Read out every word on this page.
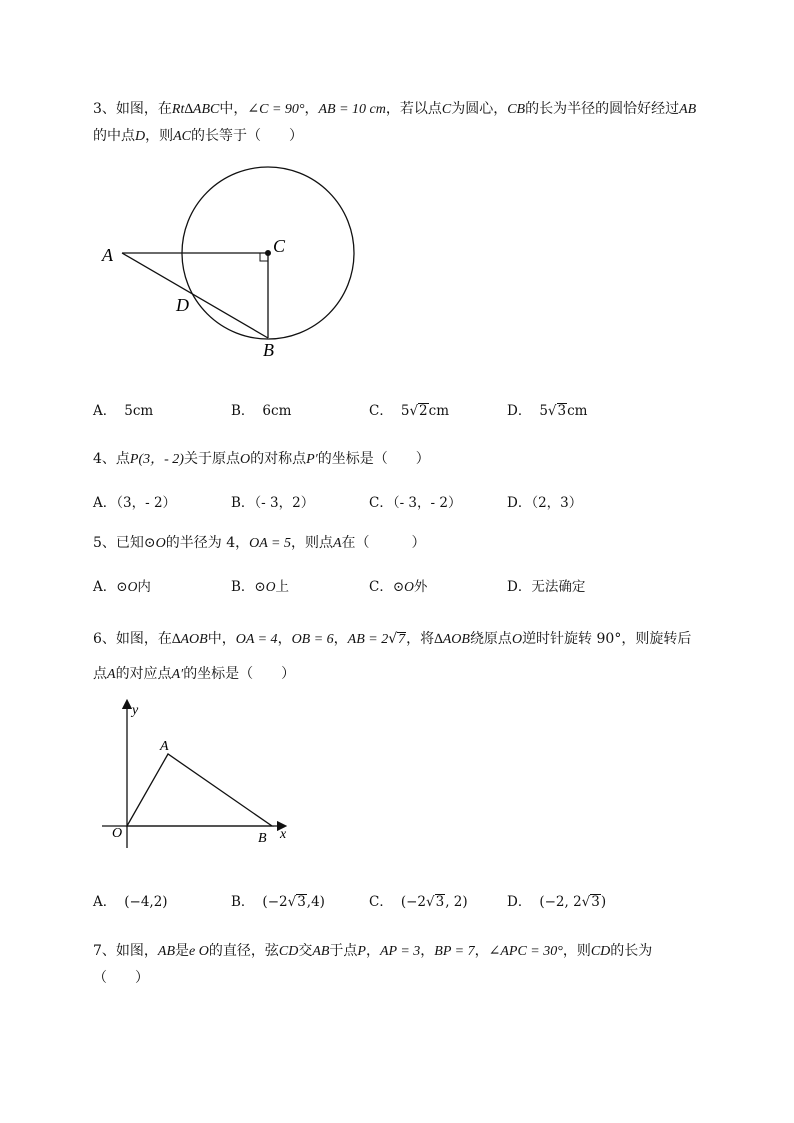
3、如图，在Rt∆ABC中，∠C = 90°，AB = 10 cm，若以点C为圆心，CB的长为半径的圆恰好经过AB
的中点D，则AC的长等于（　　）
A	C
D
B
A． 5cm	B． 6cm	C． 5√2cm	D． 5√3cm
4、点P(3，- 2)关于原点O的对称点P′的坐标是（　　）
A．（3，- 2）	B．（- 3，2）	C．（- 3，- 2）	D．（2，3）
5、已知⊙O的半径为 4，OA = 5，则点A在（　　　）
A．⊙O内	B．⊙O上	C．⊙O外	D．无法确定
6、如图，在∆AOB中，OA = 4，OB = 6，AB = 2√7，将∆AOB绕原点O逆时针旋转 90°，则旋转后
点A的对应点A′的坐标是（　　）
y
x
A
O	B
A． (−4,2)	B． (−2√3,4)	C． (−2√3, 2)	D． (−2, 2√3)
7、如图，AB是e O的直径，弦CD交AB于点P，AP = 3，BP = 7，∠APC = 30°，则CD的长为
（　　）
